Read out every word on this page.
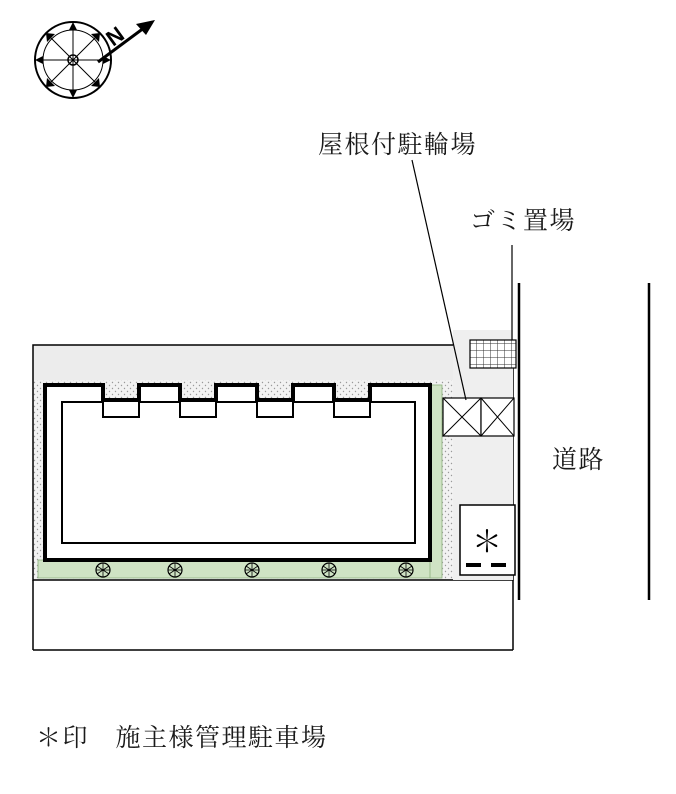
N
＊
屋根付駐輪場
ゴミ置場
道路
＊印　施主様管理駐車場
